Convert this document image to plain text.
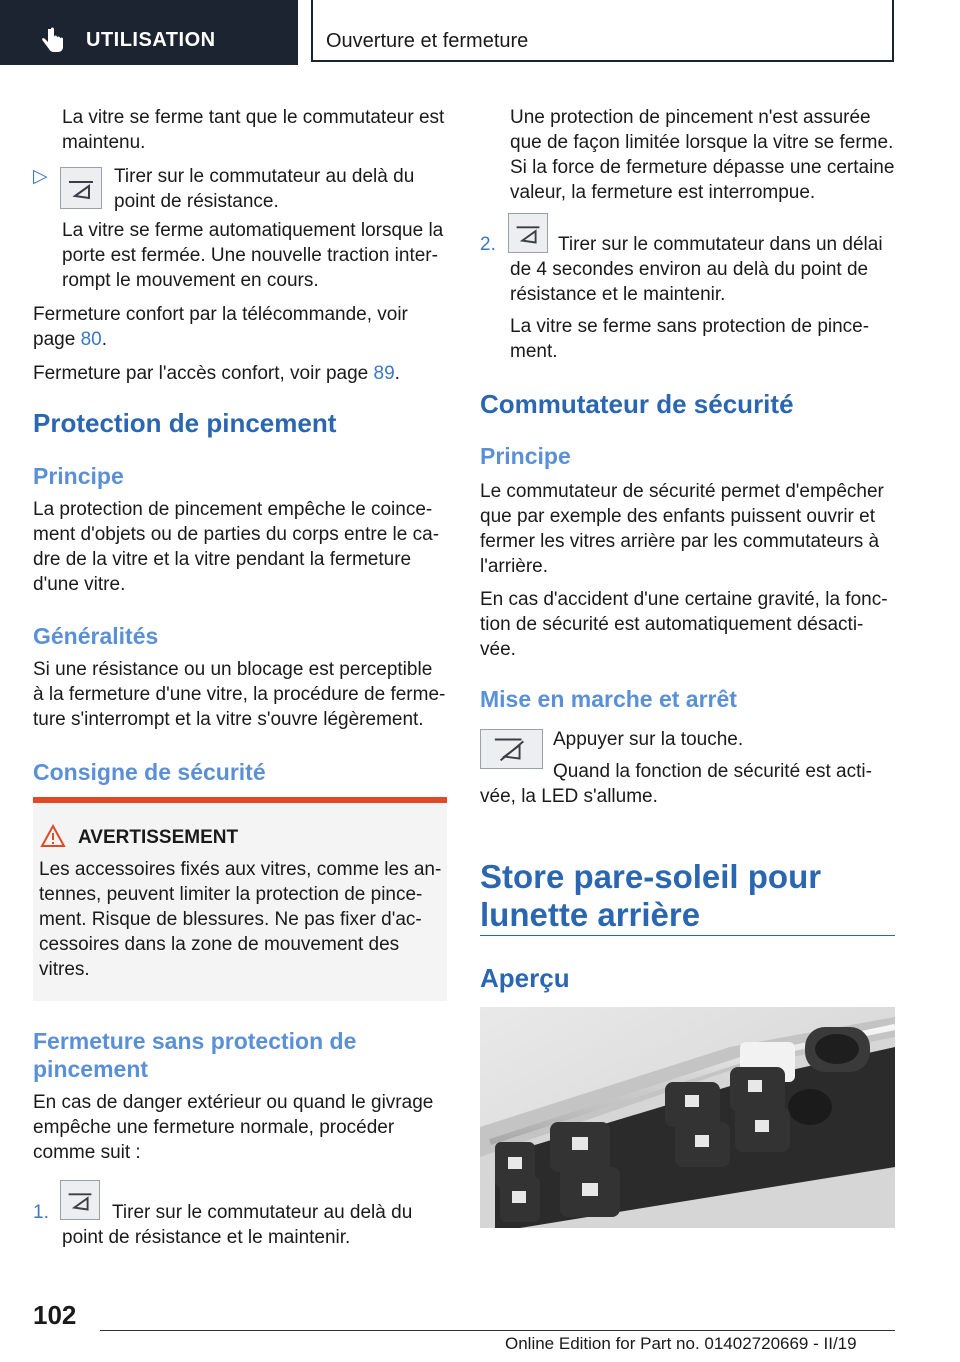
UTILISATION	Ouverture et fermeture
La vitre se ferme tant que le commutateur est maintenu.
▷	Tirer sur le commutateur au delà du point de résistance.
La vitre se ferme automatiquement lorsque la porte est fermée. Une nouvelle traction inter-rompt le mouvement en cours.
Fermeture confort par la télécommande, voir
page 80.
Fermeture par l'accès confort, voir page 89.
Protection de pincement
Principe
La protection de pincement empêche le coince-ment d'objets ou de parties du corps entre le ca-dre de la vitre et la vitre pendant la fermeture d'une vitre.
Généralités
Si une résistance ou un blocage est perceptible à la fermeture d'une vitre, la procédure de ferme-ture s'interrompt et la vitre s'ouvre légèrement.
Consigne de sécurité
AVERTISSEMENT
Les accessoires fixés aux vitres, comme les an-tennes, peuvent limiter la protection de pince-ment. Risque de blessures. Ne pas fixer d'ac-cessoires dans la zone de mouvement des vitres.
Fermeture sans protection de
pincement
En cas de danger extérieur ou quand le givrage empêche une fermeture normale, procéder comme suit :
1.	Tirer sur le commutateur au delà du
point de résistance et le maintenir.
Une protection de pincement n'est assurée que de façon limitée lorsque la vitre se ferme. Si la force de fermeture dépasse une certaine valeur, la fermeture est interrompue.
2.	Tirer sur le commutateur dans un délai
de 4 secondes environ au delà du point de résistance et le maintenir.
La vitre se ferme sans protection de pince-ment.
Commutateur de sécurité
Principe
Le commutateur de sécurité permet d'empêcher que par exemple des enfants puissent ouvrir et fermer les vitres arrière par les commutateurs à l'arrière.
En cas d'accident d'une certaine gravité, la fonc-tion de sécurité est automatiquement désacti-vée.
Mise en marche et arrêt
Appuyer sur la touche.
Quand la fonction de sécurité est acti-
vée, la LED s'allume.
Store pare-soleil pour
lunette arrière
Aperçu
102
Online Edition for Part no. 01402720669 - II/19
